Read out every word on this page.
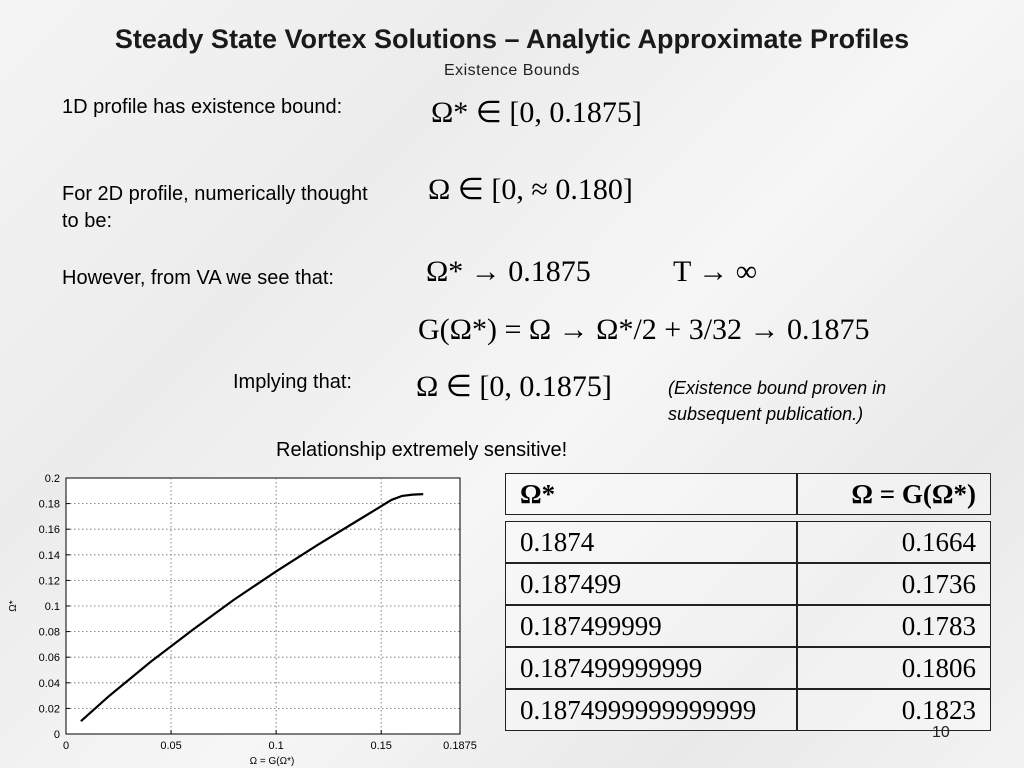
Steady State Vortex Solutions – Analytic Approximate Profiles
Existence Bounds
1D profile has existence bound:
For 2D profile, numerically thought to be:
However, from VA we see that:
Implying that:
Relationship extremely sensitive!
(Existence bound proven in subsequent publication.)
Ω* ∈ [0, 0.1875]
Ω ∈ [0, ≈ 0.180]
Ω* → 0.1875	T → ∞
G(Ω*) = Ω → Ω*/2 + 3/32 → 0.1875
Ω ∈ [0, 0.1875]
0	0.05	0.1	0.15	0.1875
0
0.02
0.04
0.06
0.08
0.1
0.12
0.14
0.16
0.18
0.2
Ω = G(Ω*)
Ω*
Ω*	Ω = G(Ω*)

0.1874	0.1664
0.187499	0.1736
0.187499999	0.1783
0.187499999999	0.1806
0.1874999999999999	0.1823
10
